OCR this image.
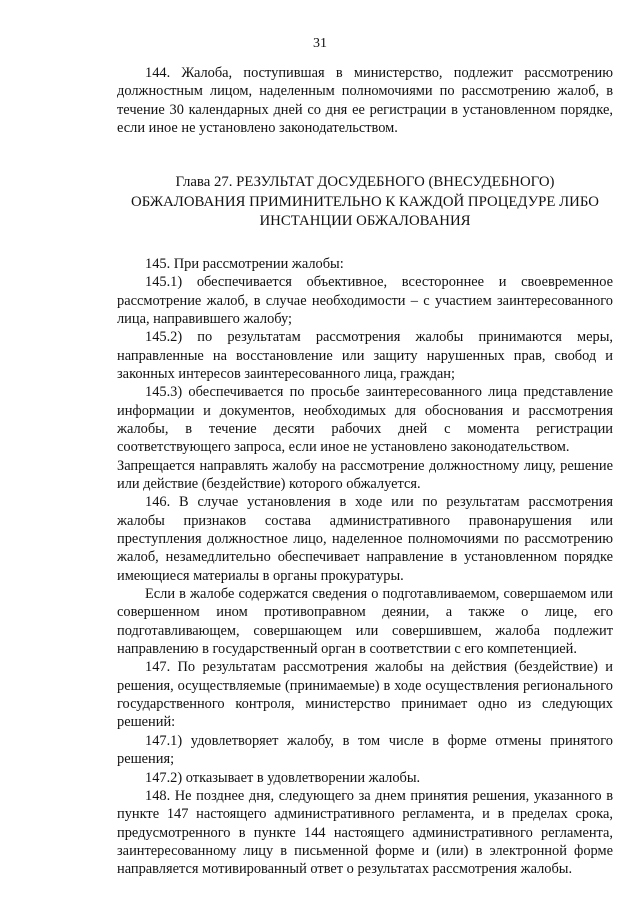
31

144. Жалоба, поступившая в министерство, подлежит рассмотрению должностным лицом, наделенным полномочиями по рассмотрению жалоб, в течение 30 календарных дней со дня ее регистрации в установленном порядке, если иное не установлено законодательством.

Глава 27. РЕЗУЛЬТАТ ДОСУДЕБНОГО (ВНЕСУДЕБНОГО)
ОБЖАЛОВАНИЯ ПРИМИНИТЕЛЬНО К КАЖДОЙ ПРОЦЕДУРЕ ЛИБО
ИНСТАНЦИИ ОБЖАЛОВАНИЯ

145. При рассмотрении жалобы:

145.1) обеспечивается объективное, всестороннее и своевременное рассмотрение жалоб, в случае необходимости – с участием заинтересованного лица, направившего жалобу;

145.2) по результатам рассмотрения жалобы принимаются меры, направленные на восстановление или защиту нарушенных прав, свобод и законных интересов заинтересованного лица, граждан;

145.3) обеспечивается по просьбе заинтересованного лица представление информации и документов, необходимых для обоснования и рассмотрения жалобы, в течение десяти рабочих дней с момента регистрации соответствующего запроса, если иное не установлено законодательством.

Запрещается направлять жалобу на рассмотрение должностному лицу, решение или действие (бездействие) которого обжалуется.

146. В случае установления в ходе или по результатам рассмотрения жалобы признаков состава административного правонарушения или преступления должностное лицо, наделенное полномочиями по рассмотрению жалоб, незамедлительно обеспечивает направление в установленном порядке имеющиеся материалы в органы прокуратуры.

Если в жалобе содержатся сведения о подготавливаемом, совершаемом или совершенном ином противоправном деянии, а также о лице, его подготавливающем, совершающем или совершившем, жалоба подлежит направлению в государственный орган в соответствии с его компетенцией.

147. По результатам рассмотрения жалобы на действия (бездействие) и решения, осуществляемые (принимаемые) в ходе осуществления регионального государственного контроля, министерство принимает одно из следующих решений:

147.1) удовлетворяет жалобу, в том числе в форме отмены принятого решения;

147.2) отказывает в удовлетворении жалобы.

148. Не позднее дня, следующего за днем принятия решения, указанного в пункте 147 настоящего административного регламента, и в пределах срока, предусмотренного в пункте 144 настоящего административного регламента, заинтересованному лицу в письменной форме и (или) в электронной форме направляется мотивированный ответ о результатах рассмотрения жалобы.
